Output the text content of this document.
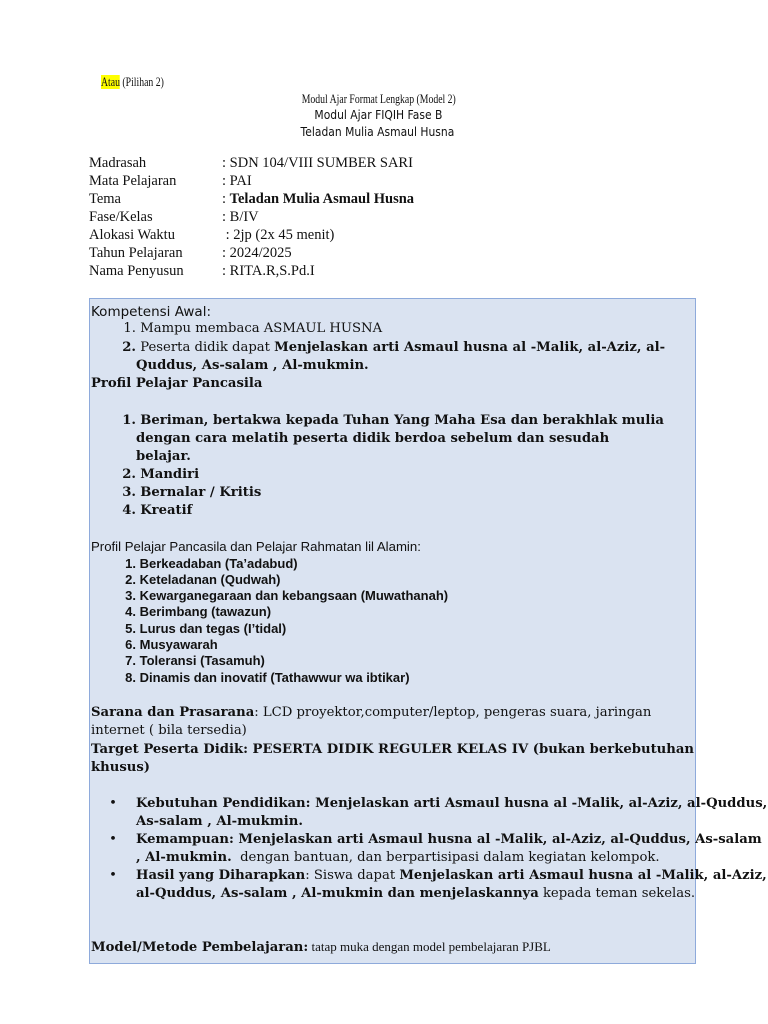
Atau (Pilihan 2)
Modul Ajar Format Lengkap (Model 2)
Modul Ajar FIQIH Fase B
Teladan Mulia Asmaul Husna
Madrasah	: SDN 104/VIII SUMBER SARI
Mata Pelajaran	: PAI
Tema	: Teladan Mulia Asmaul Husna
Fase/Kelas	: B/IV
Alokasi Waktu	: 2jp (2x 45 menit)
Tahun Pelajaran	: 2024/2025
Nama Penyusun	: RITA.R,S.Pd.I
Kompetensi Awal:
1. Mampu membaca ASMAUL HUSNA
2. Peserta didik dapat Menjelaskan arti Asmaul husna al -Malik, al-Aziz, al-
Quddus, As-salam , Al-mukmin.
Profil Pelajar Pancasila
1. Beriman, bertakwa kepada Tuhan Yang Maha Esa dan berakhlak mulia
dengan cara melatih peserta didik berdoa sebelum dan sesudah
belajar.
2. Mandiri
3. Bernalar / Kritis
4. Kreatif
Profil Pelajar Pancasila dan Pelajar Rahmatan lil Alamin:
1. Berkeadaban (Ta’adabud)
2. Keteladanan (Qudwah)
3. Kewarganegaraan dan kebangsaan (Muwathanah)
4. Berimbang (tawazun)
5. Lurus dan tegas (I’tidal)
6. Musyawarah
7. Toleransi (Tasamuh)
8. Dinamis dan inovatif (Tathawwur wa ibtikar)
Sarana dan Prasarana: LCD proyektor,computer/leptop, pengeras suara, jaringan
internet ( bila tersedia)
Target Peserta Didik: PESERTA DIDIK REGULER KELAS IV (bukan berkebutuhan
khusus)
• Kebutuhan Pendidikan: Menjelaskan arti Asmaul husna al -Malik, al-Aziz, al-Quddus,
As-salam , Al-mukmin.
• Kemampuan: Menjelaskan arti Asmaul husna al -Malik, al-Aziz, al-Quddus, As-salam
, Al-mukmin.  dengan bantuan, dan berpartisipasi dalam kegiatan kelompok.
• Hasil yang Diharapkan: Siswa dapat Menjelaskan arti Asmaul husna al -Malik, al-Aziz,
al-Quddus, As-salam , Al-mukmin dan menjelaskannya kepada teman sekelas.
Model/Metode Pembelajaran: tatap muka dengan model pembelajaran PJBL
